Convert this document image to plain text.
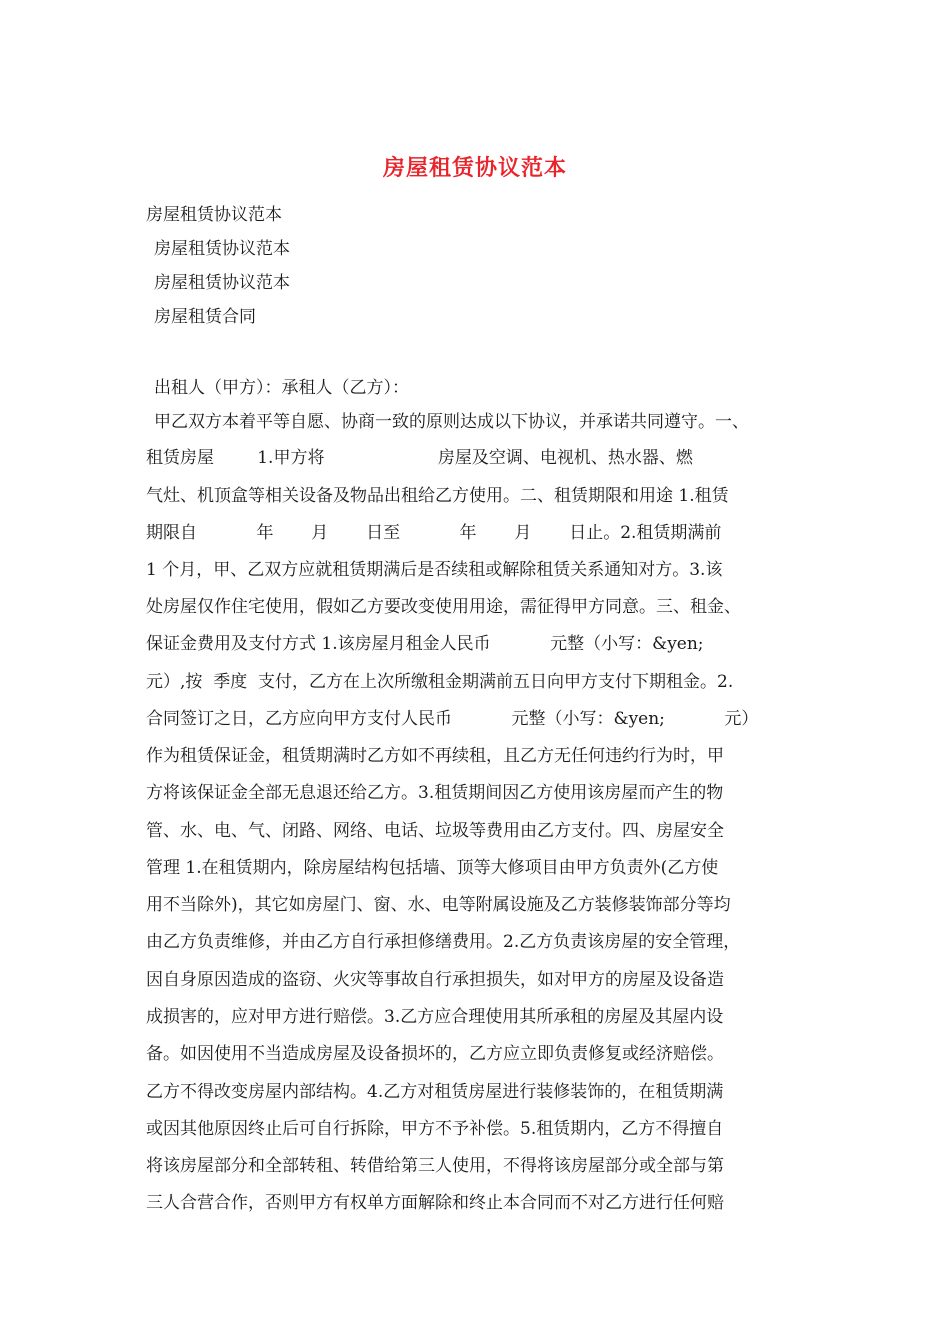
房屋租赁协议范本
房屋租赁协议范本
房屋租赁协议范本
房屋租赁协议范本
房屋租赁合同
出租人（甲方）：承租人（乙方）：
甲乙双方本着平等自愿、协商一致的原则达成以下协议，并承诺共同遵守。一、
租赁房屋        1.甲方将                     房屋及空调、电视机、热水器、燃
气灶、机顶盒等相关设备及物品出租给乙方使用。二、租赁期限和用途 1.租赁
期限自           年       月       日至           年       月       日止。2.租赁期满前
1 个月，甲、乙双方应就租赁期满后是否续租或解除租赁关系通知对方。3.该
处房屋仅作住宅使用，假如乙方要改变使用用途，需征得甲方同意。三、租金、
保证金费用及支付方式 1.该房屋月租金人民币           元整（小写：&yen;
元）,按  季度  支付，乙方在上次所缴租金期满前五日向甲方支付下期租金。2.
合同签订之日，乙方应向甲方支付人民币           元整（小写：&yen;           元）
作为租赁保证金，租赁期满时乙方如不再续租，且乙方无任何违约行为时，甲
方将该保证金全部无息退还给乙方。3.租赁期间因乙方使用该房屋而产生的物
管、水、电、气、闭路、网络、电话、垃圾等费用由乙方支付。四、房屋安全
管理 1.在租赁期内，除房屋结构包括墙、顶等大修项目由甲方负责外(乙方使
用不当除外)，其它如房屋门、窗、水、电等附属设施及乙方装修装饰部分等均
由乙方负责维修，并由乙方自行承担修缮费用。2.乙方负责该房屋的安全管理，
因自身原因造成的盗窃、火灾等事故自行承担损失，如对甲方的房屋及设备造
成损害的，应对甲方进行赔偿。3.乙方应合理使用其所承租的房屋及其屋内设
备。如因使用不当造成房屋及设备损坏的，乙方应立即负责修复或经济赔偿。
乙方不得改变房屋内部结构。4.乙方对租赁房屋进行装修装饰的，在租赁期满
或因其他原因终止后可自行拆除，甲方不予补偿。5.租赁期内，乙方不得擅自
将该房屋部分和全部转租、转借给第三人使用，不得将该房屋部分或全部与第
三人合营合作，否则甲方有权单方面解除和终止本合同而不对乙方进行任何赔
